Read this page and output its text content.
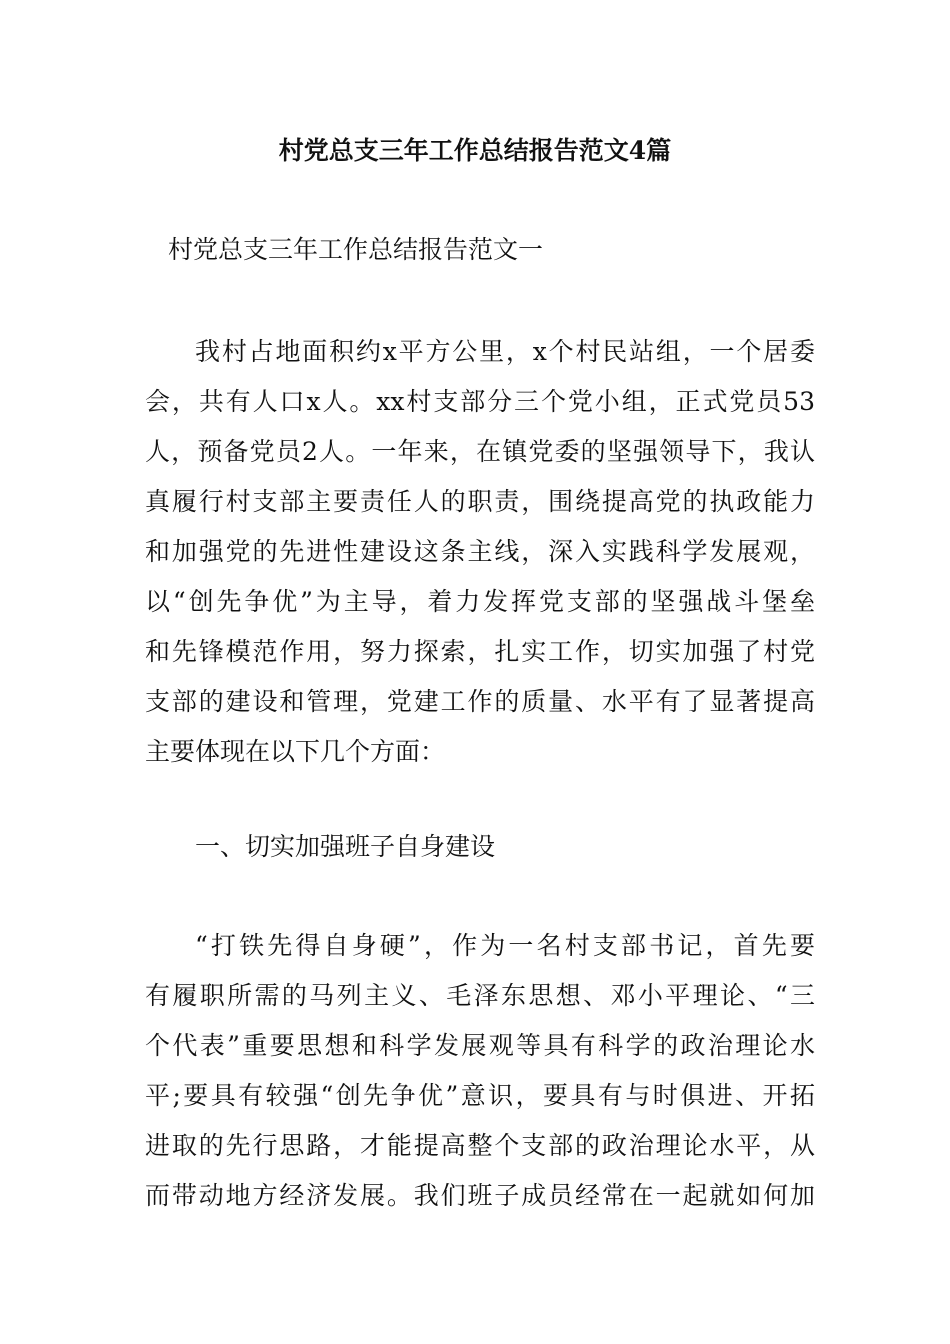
村党总支三年工作总结报告范文4篇
村党总支三年工作总结报告范文一
我村占地面积约x平方公里，x个村民站组，一个居委
会，共有人口x人。xx村支部分三个党小组，正式党员53
人，预备党员2人。一年来，在镇党委的坚强领导下，我认
真履行村支部主要责任人的职责，围绕提高党的执政能力
和加强党的先进性建设这条主线，深入实践科学发展观，
以“创先争优”为主导，着力发挥党支部的坚强战斗堡垒
和先锋模范作用，努力探索，扎实工作，切实加强了村党
支部的建设和管理，党建工作的质量、水平有了显著提高
主要体现在以下几个方面：
一、切实加强班子自身建设
“打铁先得自身硬”，作为一名村支部书记，首先要
有履职所需的马列主义、毛泽东思想、邓小平理论、“三
个代表”重要思想和科学发展观等具有科学的政治理论水
平;要具有较强“创先争优”意识，要具有与时俱进、开拓
进取的先行思路，才能提高整个支部的政治理论水平，从
而带动地方经济发展。我们班子成员经常在一起就如何加
